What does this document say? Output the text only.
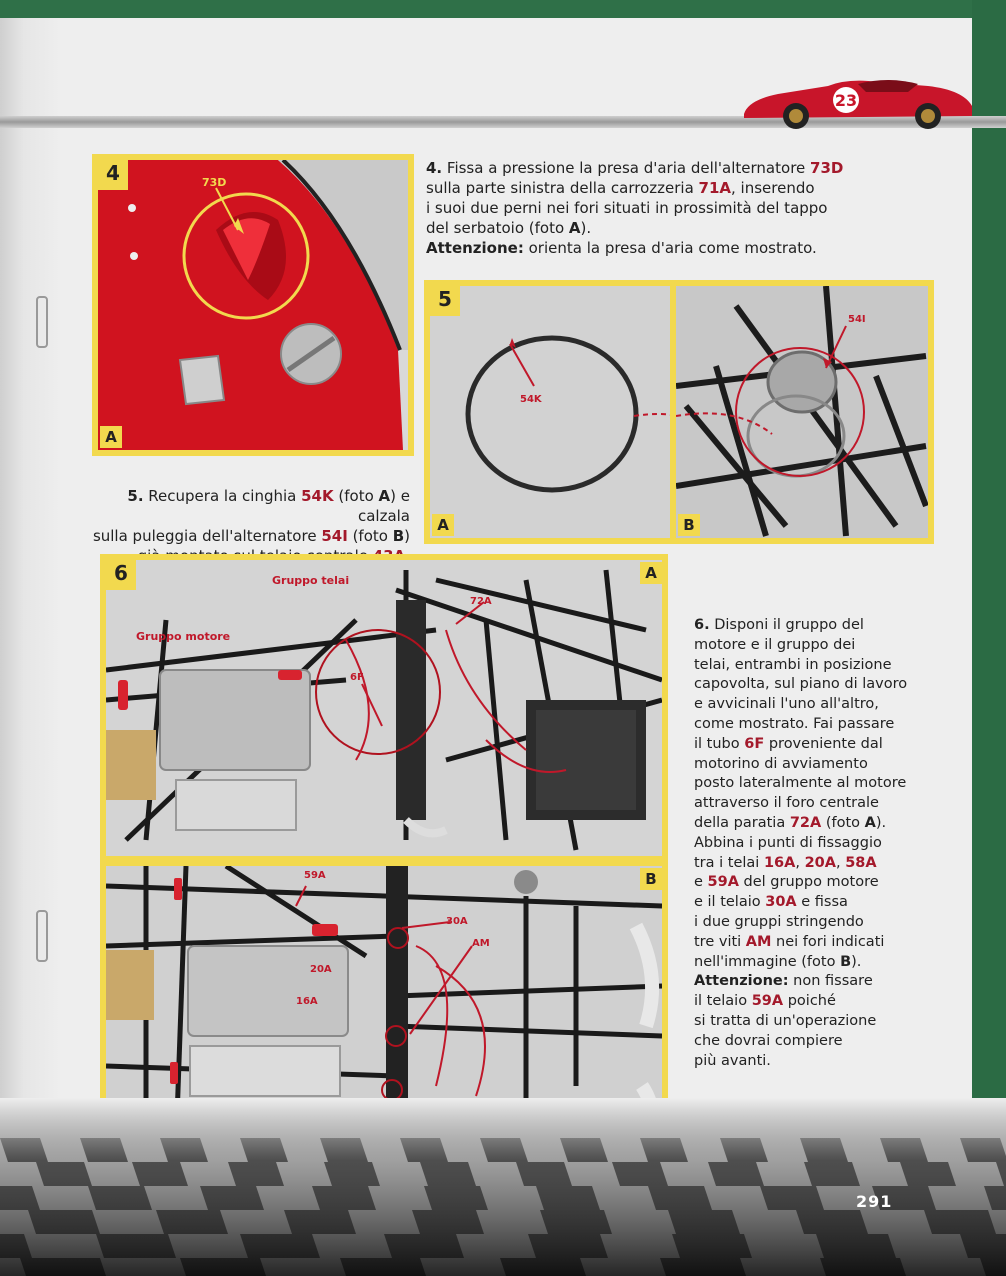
23
4
A
73D
4. Fissa a pressione la presa d'aria dell'alternatore 73D
sulla parte sinistra della carrozzeria 71A, inserendo
i suoi due perni nei fori situati in prossimità del tappo
del serbatoio (foto A).
Attenzione: orienta la presa d'aria come mostrato.
5
A	B
54K
54I
5. Recupera la cinghia 54K (foto A) e calzala
sulla puleggia dell'alternatore 54I (foto B)
6	A
B
Gruppo telai
Gruppo motore
72A
6F
59A
30A
AM
20A
16A
6. Disponi il gruppo del
motore e il gruppo dei
telai, entrambi in posizione
capovolta, sul piano di lavoro
e avvicinali l'uno all'altro,
come mostrato. Fai passare
il tubo 6F proveniente dal
motorino di avviamento
posto lateralmente al motore
attraverso il foro centrale
della paratia 72A (foto A).
Abbina i punti di fissaggio
tra i telai 16A, 20A, 58A
e 59A del gruppo motore
e il telaio 30A e fissa
i due gruppi stringendo
tre viti AM nei fori indicati
nell'immagine (foto B).
Attenzione: non fissare
il telaio 59A poiché
si tratta di un'operazione
che dovrai compiere
più avanti.
291
